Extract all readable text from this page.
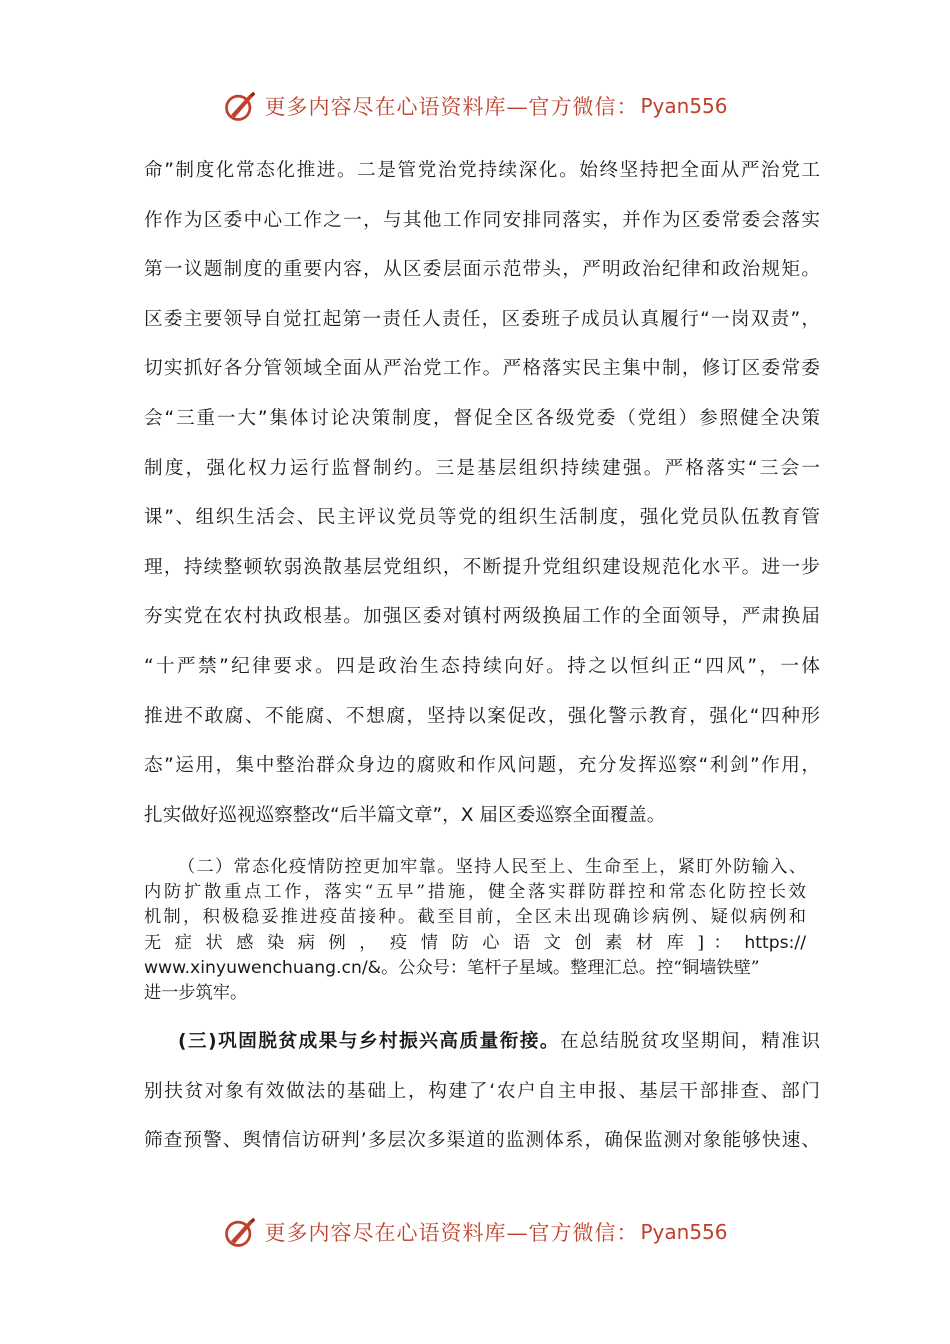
更多内容尽在心语资料库—官方微信： Pyan556
命”制度化常态化推进。二是管党治党持续深化。始终坚持把全面从严治党工
作作为区委中心工作之一，与其他工作同安排同落实，并作为区委常委会落实
第一议题制度的重要内容，从区委层面示范带头，严明政治纪律和政治规矩。
区委主要领导自觉扛起第一责任人责任，区委班子成员认真履行“一岗双责”，
切实抓好各分管领域全面从严治党工作。严格落实民主集中制，修订区委常委
会“三重一大”集体讨论决策制度，督促全区各级党委（党组）参照健全决策
制度，强化权力运行监督制约。三是基层组织持续建强。严格落实“三会一
课”、组织生活会、民主评议党员等党的组织生活制度，强化党员队伍教育管
理，持续整顿软弱涣散基层党组织，不断提升党组织建设规范化水平。进一步
夯实党在农村执政根基。加强区委对镇村两级换届工作的全面领导，严肃换届
“十严禁”纪律要求。四是政治生态持续向好。持之以恒纠正“四风”，一体
推进不敢腐、不能腐、不想腐，坚持以案促改，强化警示教育，强化“四种形
态”运用，集中整治群众身边的腐败和作风问题，充分发挥巡察“利剑”作用，
扎实做好巡视巡察整改“后半篇文章”，X 届区委巡察全面覆盖。
（二）常态化疫情防控更加牢靠。坚持人民至上、生命至上，紧盯外防输入、
内防扩散重点工作，落实“五早”措施，健全落实群防群控和常态化防控长效
机制，积极稳妥推进疫苗接种。截至目前，全区未出现确诊病例、疑似病例和
无 症 状 感 染 病 例 ， 疫 情 防 心 语 文 创 素 材 库 ] ： https://
www.xinyuwenchuang.cn/&。公众号：笔杆子星域。整理汇总。控“铜墙铁壁”
进一步筑牢。
(三)巩固脱贫成果与乡村振兴高质量衔接。在总结脱贫攻坚期间，精准识
别扶贫对象有效做法的基础上，构建了‘农户自主申报、基层干部排查、部门
筛查预警、舆情信访研判’多层次多渠道的监测体系，确保监测对象能够快速、
更多内容尽在心语资料库—官方微信： Pyan556
